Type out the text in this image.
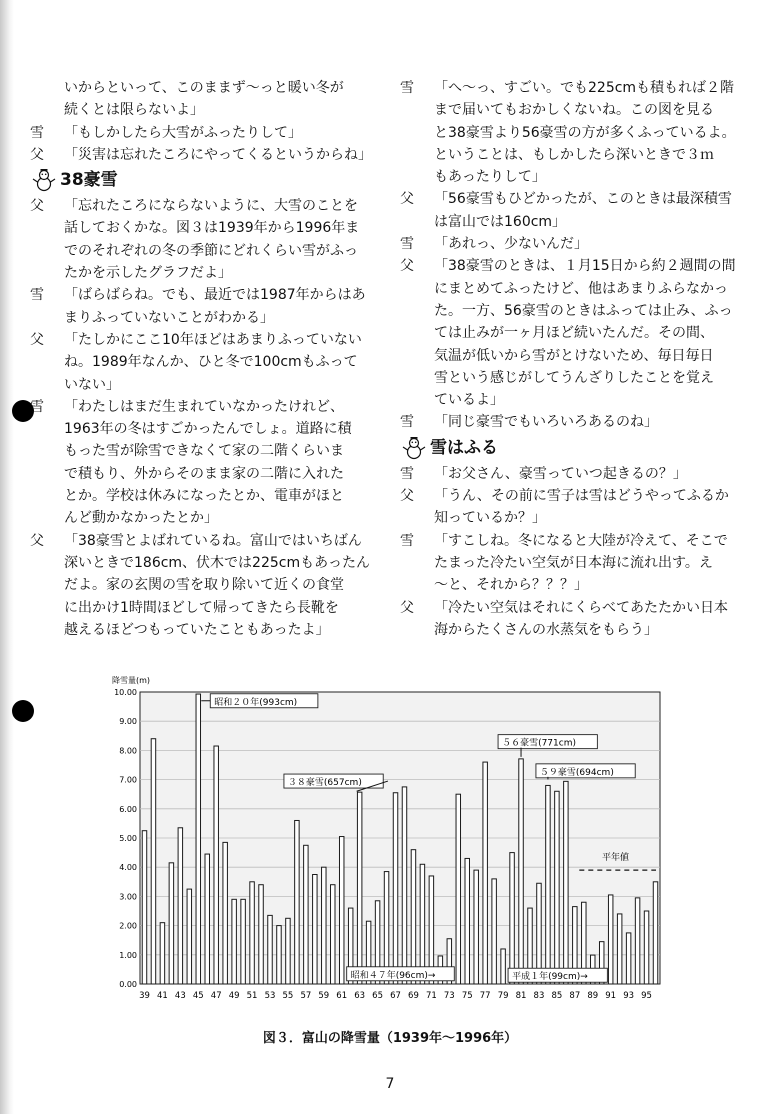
いからといって、このままず〜っと暖い冬が
続くとは限らないよ」
雪	「もしかしたら大雪がふったりして」
父	「災害は忘れたころにやってくるというからね」
38豪雪
父	「忘れたころにならないように、大雪のことを
話しておくかな。図３は1939年から1996年ま
でのそれぞれの冬の季節にどれくらい雪がふっ
たかを示したグラフだよ」
雪	「ばらばらね。でも、最近では1987年からはあ
まりふっていないことがわかる」
父	「たしかにここ10年ほどはあまりふっていない
ね。1989年なんか、ひと冬で100cmもふって
いない」
雪	「わたしはまだ生まれていなかったけれど、
1963年の冬はすごかったんでしょ。道路に積
もった雪が除雪できなくて家の二階くらいま
で積もり、外からそのまま家の二階に入れた
とか。学校は休みになったとか、電車がほと
んど動かなかったとか」
父	「38豪雪とよばれているね。富山ではいちばん
深いときで186cm、伏木では225cmもあったん
だよ。家の玄関の雪を取り除いて近くの食堂
に出かけ1時間ほどして帰ってきたら長靴を
越えるほどつもっていたこともあったよ」
雪	「へ〜っ、すごい。でも225cmも積もれば２階
まで届いてもおかしくないね。この図を見る
と38豪雪より56豪雪の方が多くふっているよ。
ということは、もしかしたら深いときで３ｍ
もあったりして」
父	「56豪雪もひどかったが、このときは最深積雪
は富山では160cm」
雪	「あれっ、少ないんだ」
父	「38豪雪のときは、１月15日から約２週間の間
にまとめてふったけど、他はあまりふらなかっ
た。一方、56豪雪のときはふっては止み、ふっ
ては止みが一ヶ月ほど続いたんだ。その間、
気温が低いから雪がとけないため、毎日毎日
雪という感じがしてうんざりしたことを覚え
ているよ」
雪	「同じ豪雪でもいろいろあるのね」
雪はふる
雪	「お父さん、豪雪っていつ起きるの？」
父	「うん、その前に雪子は雪はどうやってふるか
知っているか？」
雪	「すこしね。冬になると大陸が冷えて、そこで
たまった冷たい空気が日本海に流れ出す。え
〜と、それから？？？」
父	「冷たい空気はそれにくらべてあたたかい日本
海からたくさんの水蒸気をもらう」
0.00
1.00
2.00
3.00
4.00
5.00
6.00
7.00
8.00
9.00
10.00
降雪量(m)
39 41 43 45 47 49 51 53 55 57 59 61 63 65 67 69 71 73 75 77 79 81 83 85 87 89 91 93 95
平年値
昭和２０年(993cm)
５６豪雪(771cm)
５９豪雪(694cm)
３８豪雪(657cm)
昭和４７年(96cm)→	平成１年(99cm)→
図３．富山の降雪量（1939年〜1996年）
7
